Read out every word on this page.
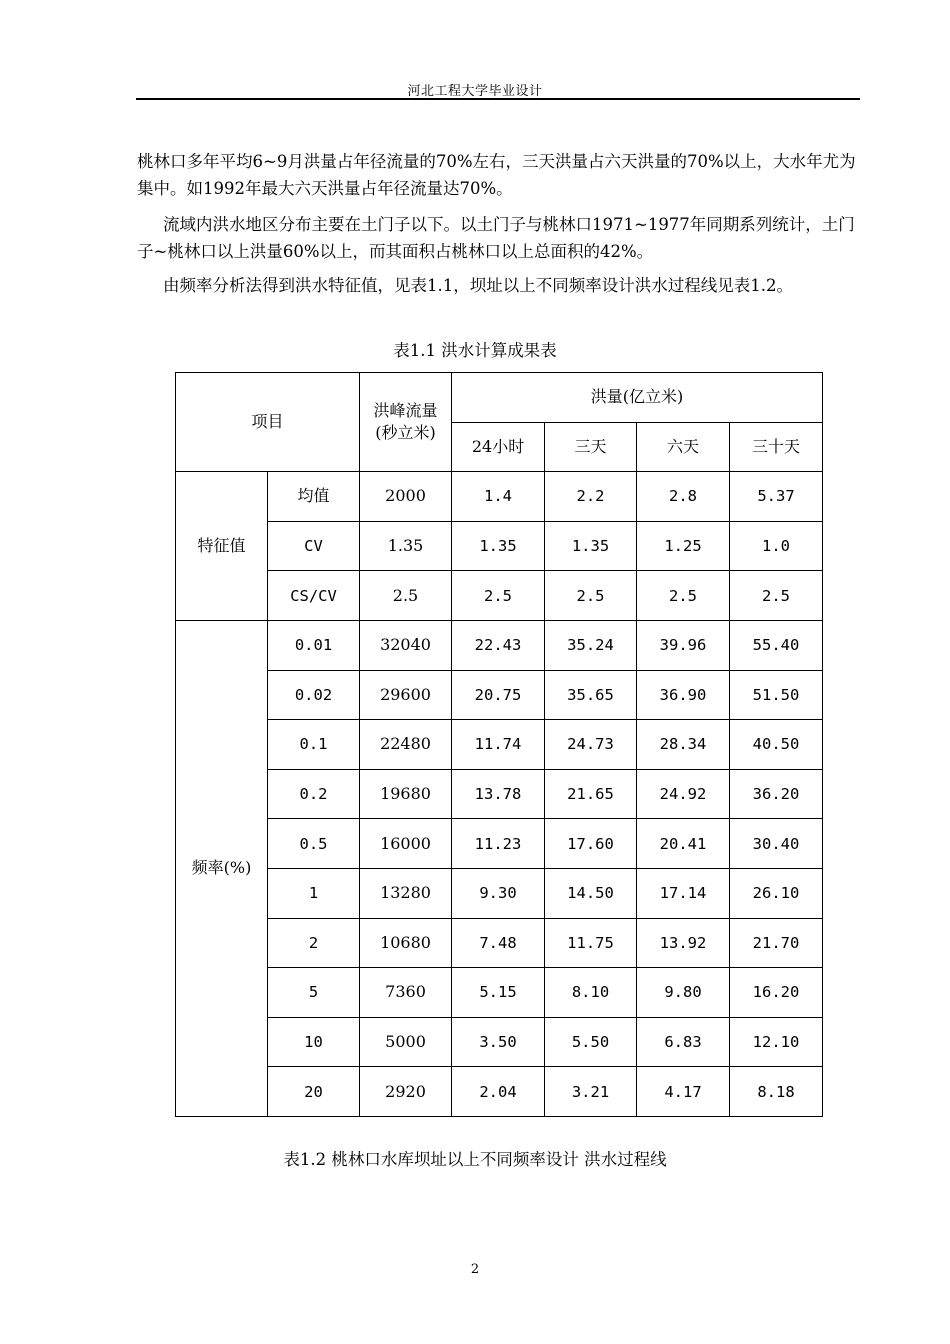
河北工程大学毕业设计

桃林口多年平均6~9月洪量占年径流量的70%左右，三天洪量占六天洪量的70%以上，大水年尤为集中。如1992年最大六天洪量占年径流量达70%。

流域内洪水地区分布主要在土门子以下。以土门子与桃林口1971~1977年同期系列统计，土门子~桃林口以上洪量60%以上，而其面积占桃林口以上总面积的42%。

由频率分析法得到洪水特征值，见表1.1，坝址以上不同频率设计洪水过程线见表1.2。

表1.1 洪水计算成果表

项目		洪峰流量(秒立米)	洪量(亿立米)			
			24小时	三天	六天	三十天
特征值	均值	2000	1.4	2.2	2.8	5.37
	CV	1.35	1.35	1.35	1.25	1.0
	CS/CV	2.5	2.5	2.5	2.5	2.5
频率(%)	0.01	32040	22.43	35.24	39.96	55.40
	0.02	29600	20.75	35.65	36.90	51.50
	0.1	22480	11.74	24.73	28.34	40.50
	0.2	19680	13.78	21.65	24.92	36.20
	0.5	16000	11.23	17.60	20.41	30.40
	1	13280	9.30	14.50	17.14	26.10
	2	10680	7.48	11.75	13.92	21.70
	5	7360	5.15	8.10	9.80	16.20
	10	5000	3.50	5.50	6.83	12.10
	20	2920	2.04	3.21	4.17	8.18

表1.2 桃林口水库坝址以上不同频率设计 洪水过程线

2
